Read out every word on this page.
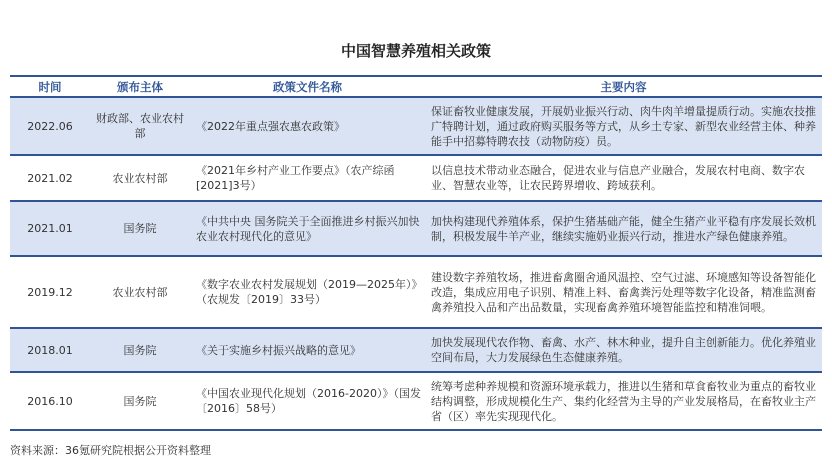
中国智慧养殖相关政策
时间	颁布主体	政策文件名称	主要内容
2022.06	财政部、农业农村部	《2022年重点强农惠农政策》	保证畜牧业健康发展，开展奶业振兴行动、肉牛肉羊增量提质行动。实施农技推广特聘计划，通过政府购买服务等方式，从乡土专家、新型农业经营主体、种养能手中招募特聘农技（动物防疫）员。
2021.02	农业农村部	《2021年乡村产业工作要点》（农产综函[2021]3号）	以信息技术带动业态融合，促进农业与信息产业融合，发展农村电商、数字农业、智慧农业等，让农民跨界增收、跨域获利。
2021.01	国务院	《中共中央 国务院关于全面推进乡村振兴加快农业农村现代化的意见》	加快构建现代养殖体系，保护生猪基础产能，健全生猪产业平稳有序发展长效机制，积极发展牛羊产业，继续实施奶业振兴行动，推进水产绿色健康养殖。
2019.12	农业农村部	《数字农业农村发展规划（2019—2025年）》（农规发〔2019〕33号）	建设数字养殖牧场，推进畜禽圈舍通风温控、空气过滤、环境感知等设备智能化改造，集成应用电子识别、精准上料、畜禽粪污处理等数字化设备，精准监测畜禽养殖投入品和产出品数量，实现畜禽养殖环境智能监控和精准饲喂。
2018.01	国务院	《关于实施乡村振兴战略的意见》	加快发展现代农作物、畜禽、水产、林木种业，提升自主创新能力。优化养殖业空间布局，大力发展绿色生态健康养殖。
2016.10	国务院	《中国农业现代化规划（2016-2020）》（国发〔2016〕58号）	统筹考虑种养规模和资源环境承载力，推进以生猪和草食畜牧业为重点的畜牧业结构调整，形成规模化生产、集约化经营为主导的产业发展格局，在畜牧业主产省（区）率先实现现代化。
资料来源：36氪研究院根据公开资料整理
